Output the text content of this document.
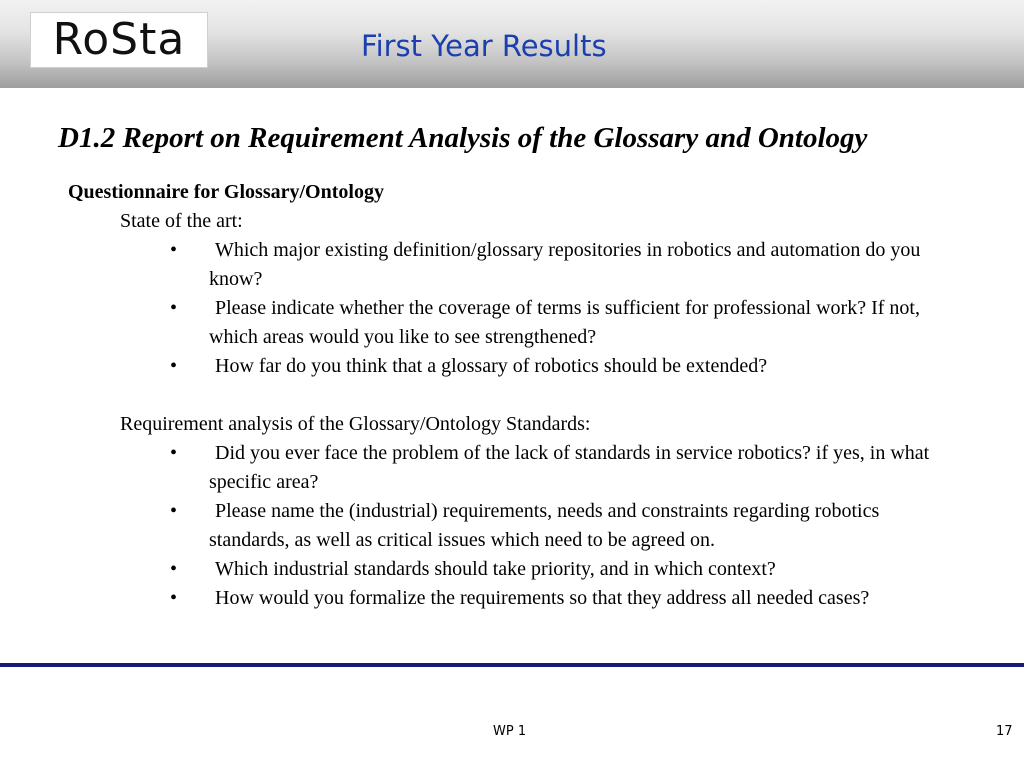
RoSta	First Year Results
D1.2 Report on Requirement Analysis of the Glossary and Ontology
Questionnaire for Glossary/Ontology
State of the art:
•	Which major existing definition/glossary repositories in robotics and automation do you know?
•	Please indicate whether the coverage of terms is sufficient for professional work? If not, which areas would you like to see strengthened?
•	How far do you think that a glossary of robotics should be extended?
Requirement analysis of the Glossary/Ontology Standards:
•	Did you ever face the problem of the lack of standards in service robotics? if yes, in what specific area?
•	Please name the (industrial) requirements, needs and constraints regarding robotics standards, as well as critical issues which need to be agreed on.
•	Which industrial standards should take priority, and in which context?
•	How would you formalize the requirements so that they address all needed cases?
WP 1	17
